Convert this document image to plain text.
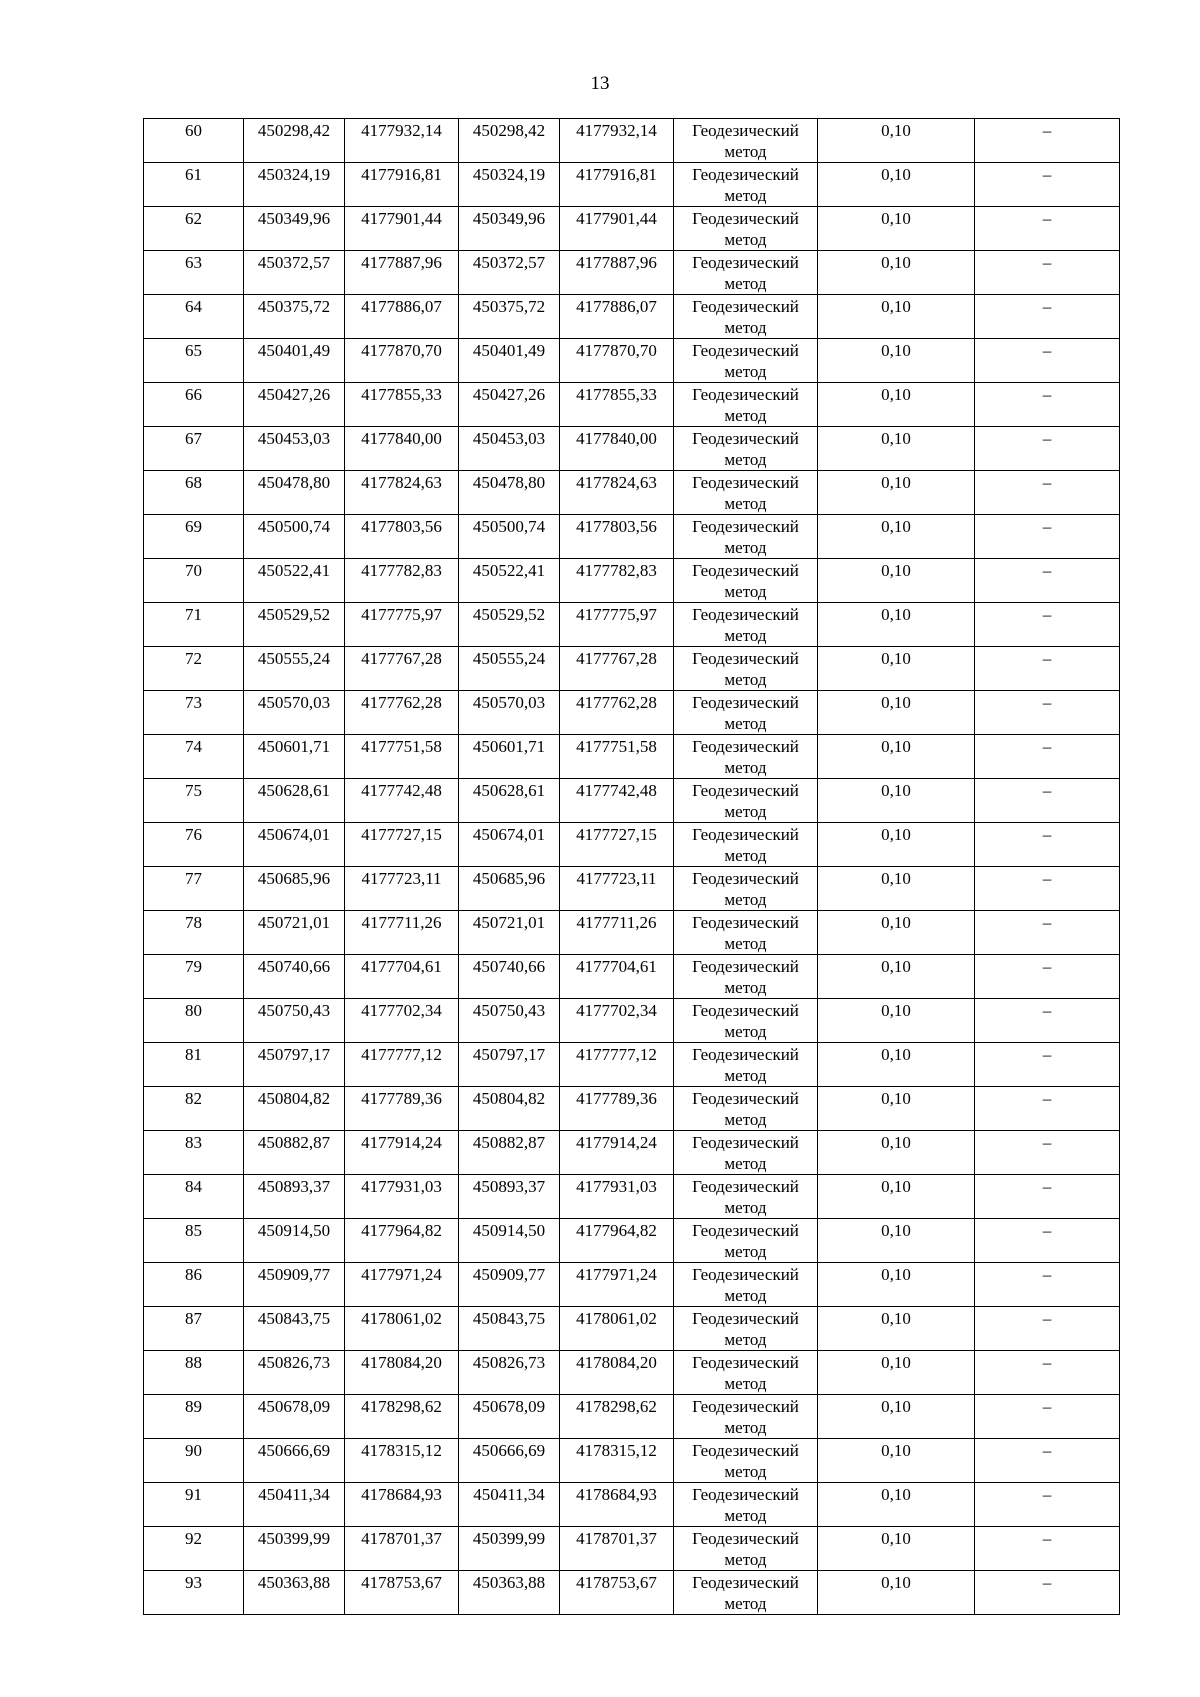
13
60	450298,42	4177932,14	450298,42	4177932,14	Геодезический метод	0,10	–

61	450324,19	4177916,81	450324,19	4177916,81	Геодезический метод	0,10	–

62	450349,96	4177901,44	450349,96	4177901,44	Геодезический метод	0,10	–

63	450372,57	4177887,96	450372,57	4177887,96	Геодезический метод	0,10	–

64	450375,72	4177886,07	450375,72	4177886,07	Геодезический метод	0,10	–

65	450401,49	4177870,70	450401,49	4177870,70	Геодезический метод	0,10	–

66	450427,26	4177855,33	450427,26	4177855,33	Геодезический метод	0,10	–

67	450453,03	4177840,00	450453,03	4177840,00	Геодезический метод	0,10	–

68	450478,80	4177824,63	450478,80	4177824,63	Геодезический метод	0,10	–

69	450500,74	4177803,56	450500,74	4177803,56	Геодезический метод	0,10	–

70	450522,41	4177782,83	450522,41	4177782,83	Геодезический метод	0,10	–

71	450529,52	4177775,97	450529,52	4177775,97	Геодезический метод	0,10	–

72	450555,24	4177767,28	450555,24	4177767,28	Геодезический метод	0,10	–

73	450570,03	4177762,28	450570,03	4177762,28	Геодезический метод	0,10	–

74	450601,71	4177751,58	450601,71	4177751,58	Геодезический метод	0,10	–

75	450628,61	4177742,48	450628,61	4177742,48	Геодезический метод	0,10	–

76	450674,01	4177727,15	450674,01	4177727,15	Геодезический метод	0,10	–

77	450685,96	4177723,11	450685,96	4177723,11	Геодезический метод	0,10	–

78	450721,01	4177711,26	450721,01	4177711,26	Геодезический метод	0,10	–

79	450740,66	4177704,61	450740,66	4177704,61	Геодезический метод	0,10	–

80	450750,43	4177702,34	450750,43	4177702,34	Геодезический метод	0,10	–

81	450797,17	4177777,12	450797,17	4177777,12	Геодезический метод	0,10	–

82	450804,82	4177789,36	450804,82	4177789,36	Геодезический метод	0,10	–

83	450882,87	4177914,24	450882,87	4177914,24	Геодезический метод	0,10	–

84	450893,37	4177931,03	450893,37	4177931,03	Геодезический метод	0,10	–

85	450914,50	4177964,82	450914,50	4177964,82	Геодезический метод	0,10	–

86	450909,77	4177971,24	450909,77	4177971,24	Геодезический метод	0,10	–

87	450843,75	4178061,02	450843,75	4178061,02	Геодезический метод	0,10	–

88	450826,73	4178084,20	450826,73	4178084,20	Геодезический метод	0,10	–

89	450678,09	4178298,62	450678,09	4178298,62	Геодезический метод	0,10	–

90	450666,69	4178315,12	450666,69	4178315,12	Геодезический метод	0,10	–

91	450411,34	4178684,93	450411,34	4178684,93	Геодезический метод	0,10	–

92	450399,99	4178701,37	450399,99	4178701,37	Геодезический метод	0,10	–

93	450363,88	4178753,67	450363,88	4178753,67	Геодезический метод	0,10	–
